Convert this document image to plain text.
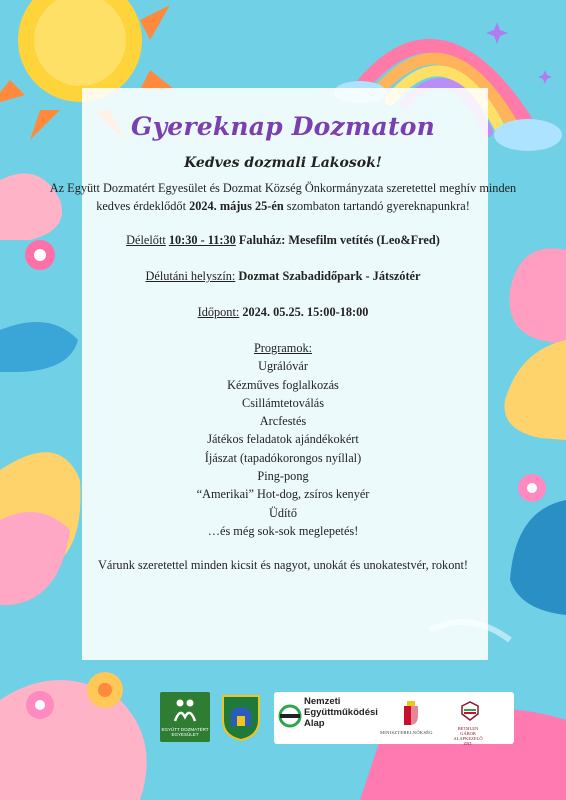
Gyereknap Dozmaton
Kedves dozmali Lakosok!
Az Együtt Dozmatért Egyesület és Dozmat Község Önkormányzata szeretettel meghív minden kedves érdeklődőt 2024. május 25-én szombaton tartandó gyereknapunkra!
Délelőtt 10:30 - 11:30 Faluház: Mesefilm vetítés (Leo&Fred)
Délutáni helyszín: Dozmat Szabadidőpark - Játszótér
Időpont: 2024. 05.25. 15:00-18:00
Programok:
Ugrálóvár
Kézműves foglalkozás
Csillámtetoválás
Arcfestés
Játékos feladatok ajándékokért
Íjászat (tapadókorongos nyíllal)
Ping-pong
“Amerikai” Hot-dog, zsíros kenyér
Üdítő
…és még sok-sok meglepetés!
Várunk szeretettel minden kicsit és nagyot, unokát és unokatestvér, rokont!
EGYÜTT DOZMATÉRT EGYESÜLET
Nemzeti
Együttműködési
Alap
MINISZTERELNÖKSÉG
BETHLEN GÁBOR
ALAPKEZELŐ ZRT.
